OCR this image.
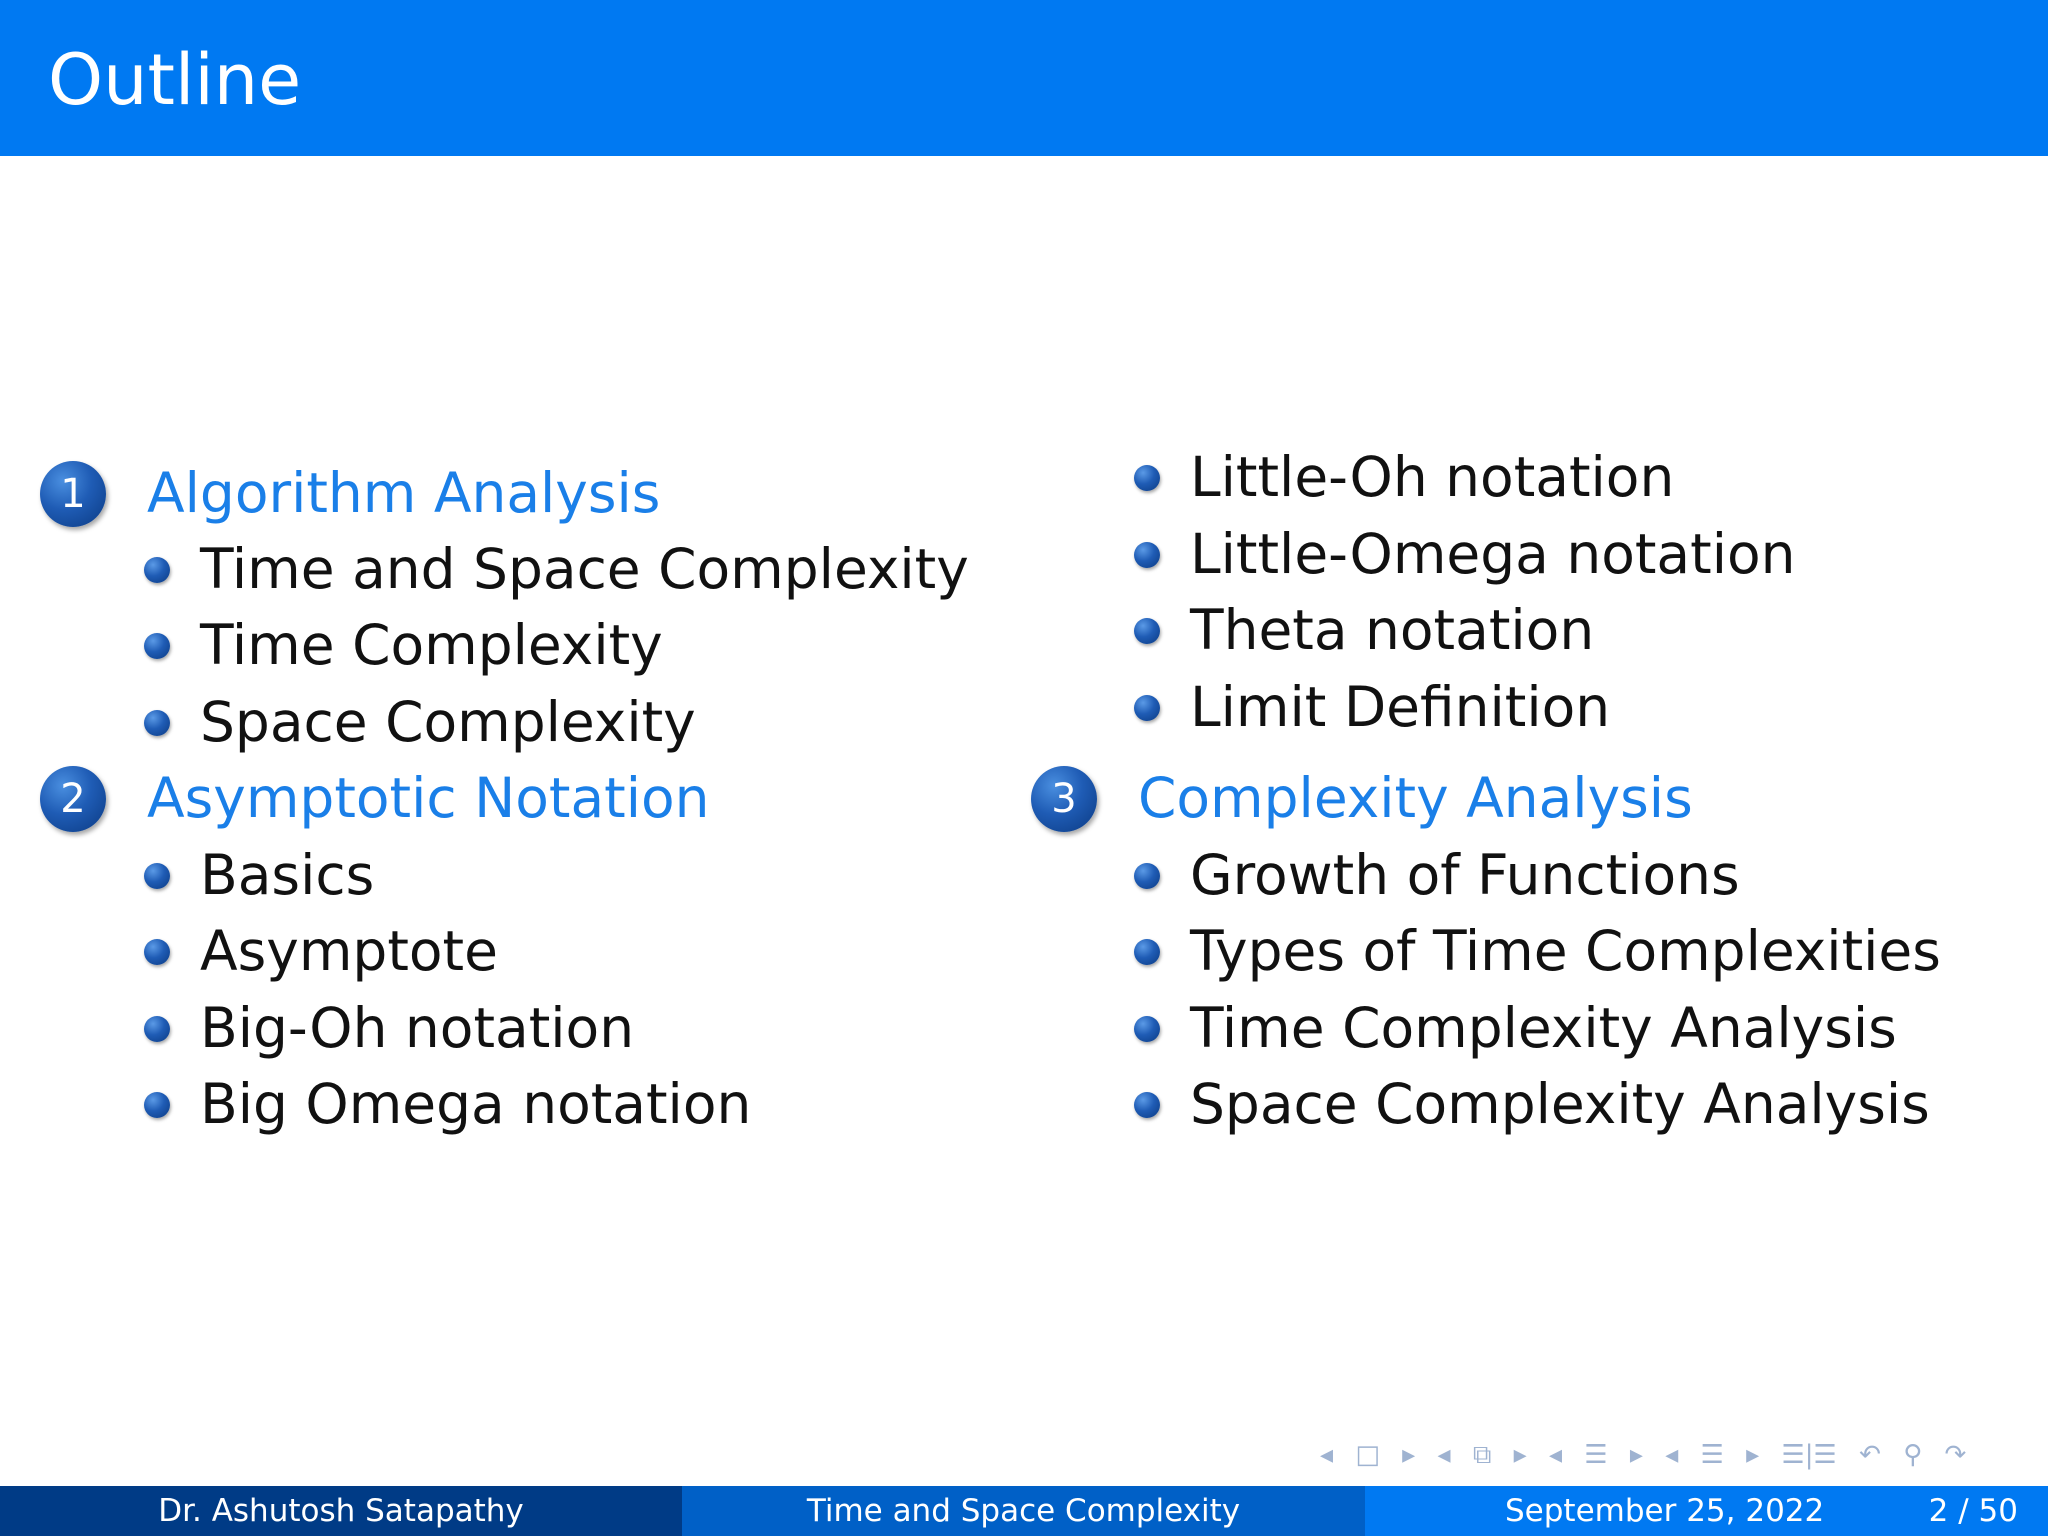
Outline
1	Algorithm Analysis
Time and Space Complexity
Time Complexity
Space Complexity
2	Asymptotic Notation
Basics
Asymptote
Big-Oh notation
Big Omega notation
Little-Oh notation
Little-Omega notation
Theta notation
Limit Definition
3	Complexity Analysis
Growth of Functions
Types of Time Complexities
Time Complexity Analysis
Space Complexity Analysis
◂ □ ▸ ◂ ⧉ ▸ ◂ ☰ ▸ ◂ ☰ ▸ ☰|☰ ↶ ⚲ ↷
Dr. Ashutosh Satapathy	Time and Space Complexity	September 25, 2022	2 / 50
